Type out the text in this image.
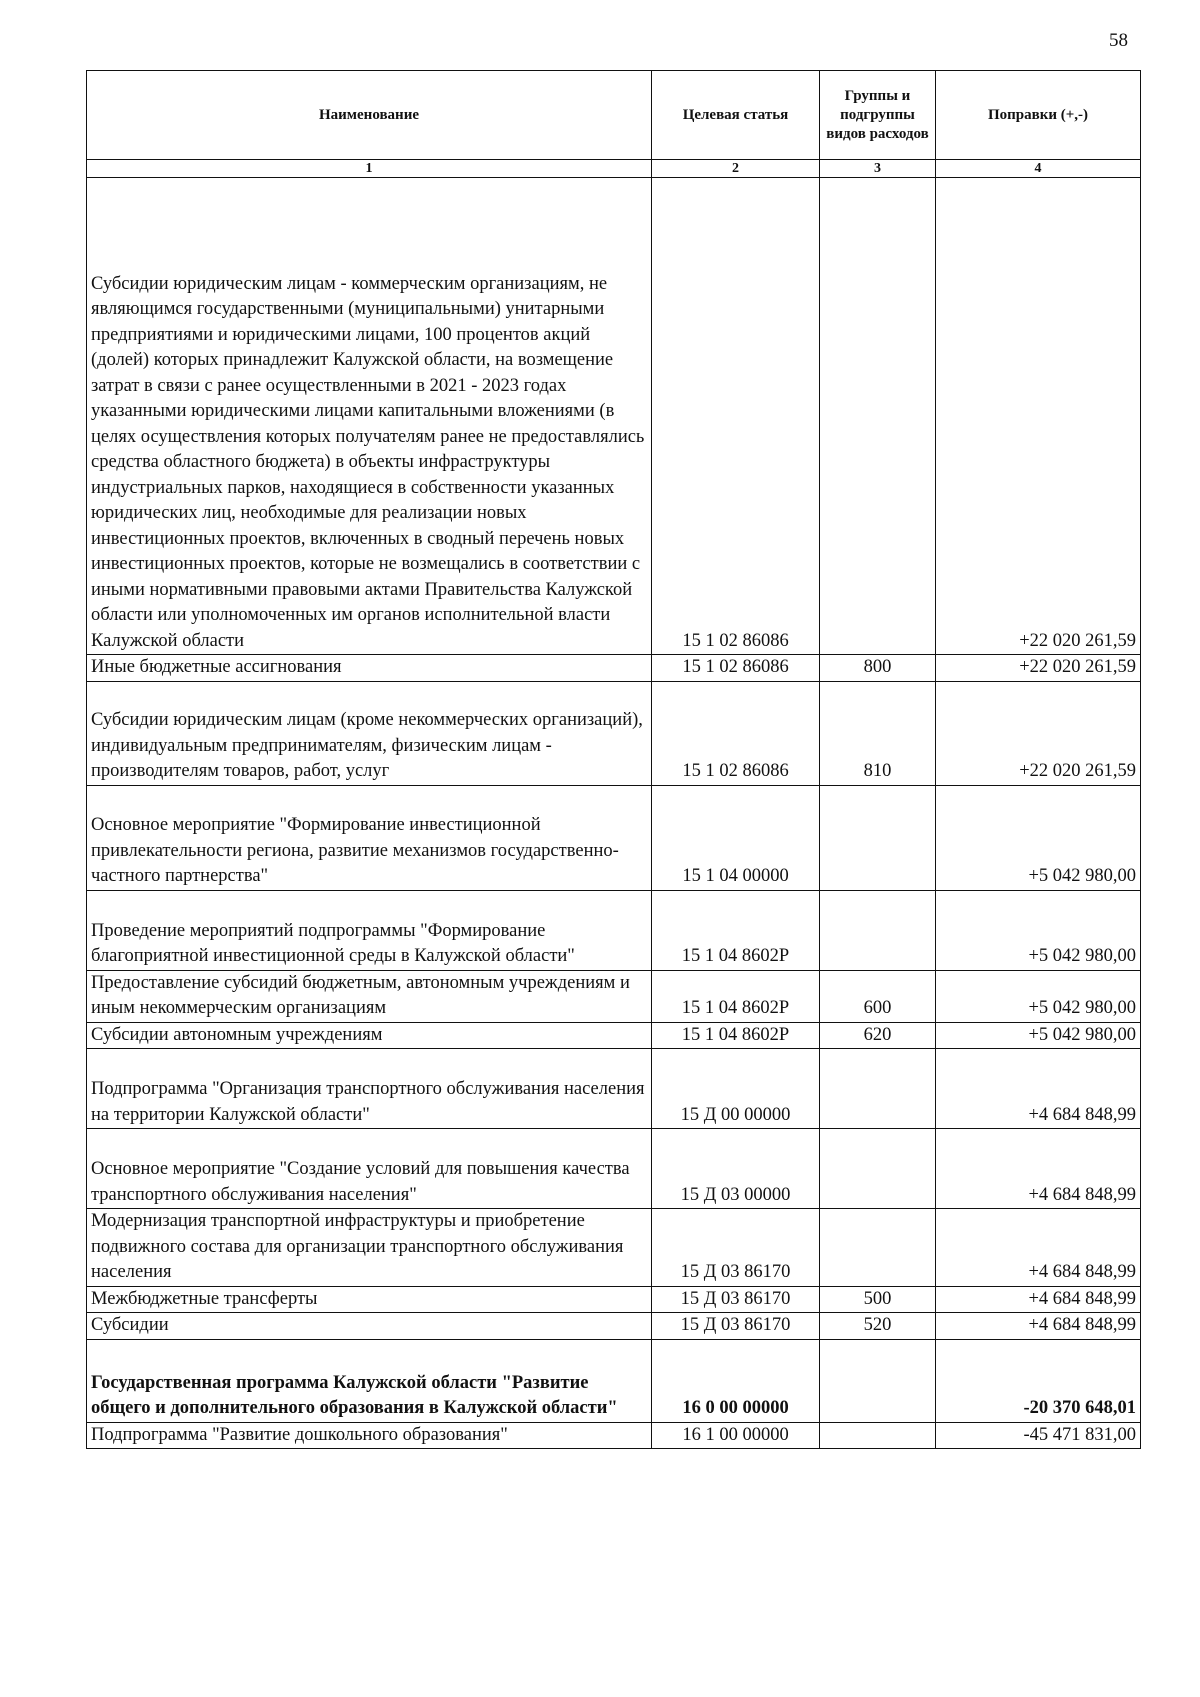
58
Наименование	Целевая статья	Группы и подгруппы видов расходов	Поправки (+,-)
1	2	3	4
Субсидии юридическим лицам - коммерческим организациям, не являющимся государственными (муниципальными) унитарными предприятиями и юридическими лицами, 100 процентов акций (долей) которых принадлежит Калужской области, на возмещение затрат в связи с ранее осуществленными в 2021 - 2023 годах указанными юридическими лицами капитальными вложениями (в целях осуществления которых получателям ранее не предоставлялись средства областного бюджета) в объекты инфраструктуры индустриальных парков, находящиеся в собственности указанных юридических лиц, необходимые для реализации новых инвестиционных проектов, включенных в сводный перечень новых инвестиционных проектов, которые не возмещались в соответствии с иными нормативными правовыми актами Правительства Калужской области или уполномоченных им органов исполнительной власти Калужской области	15 1 02 86086		+22 020 261,59
Иные бюджетные ассигнования	15 1 02 86086	800	+22 020 261,59
Субсидии юридическим лицам (кроме некоммерческих организаций), индивидуальным предпринимателям, физическим лицам - производителям товаров, работ, услуг	15 1 02 86086	810	+22 020 261,59
Основное мероприятие "Формирование инвестиционной привлекательности региона, развитие механизмов государственно-частного партнерства"	15 1 04 00000		+5 042 980,00
Проведение мероприятий подпрограммы "Формирование благоприятной инвестиционной среды в Калужской области"	15 1 04 8602P		+5 042 980,00
Предоставление субсидий бюджетным, автономным учреждениям и иным некоммерческим организациям	15 1 04 8602P	600	+5 042 980,00
Субсидии автономным учреждениям	15 1 04 8602P	620	+5 042 980,00
Подпрограмма "Организация транспортного обслуживания населения на территории Калужской области"	15 Д 00 00000		+4 684 848,99
Основное мероприятие "Создание условий для повышения качества транспортного обслуживания населения"	15 Д 03 00000		+4 684 848,99
Модернизация транспортной инфраструктуры и приобретение подвижного состава для организации транспортного обслуживания населения	15 Д 03 86170		+4 684 848,99
Межбюджетные трансферты	15 Д 03 86170	500	+4 684 848,99
Субсидии	15 Д 03 86170	520	+4 684 848,99
Государственная программа Калужской области "Развитие общего и дополнительного образования в Калужской области"	16 0 00 00000		-20 370 648,01
Подпрограмма "Развитие дошкольного образования"	16 1 00 00000		-45 471 831,00
